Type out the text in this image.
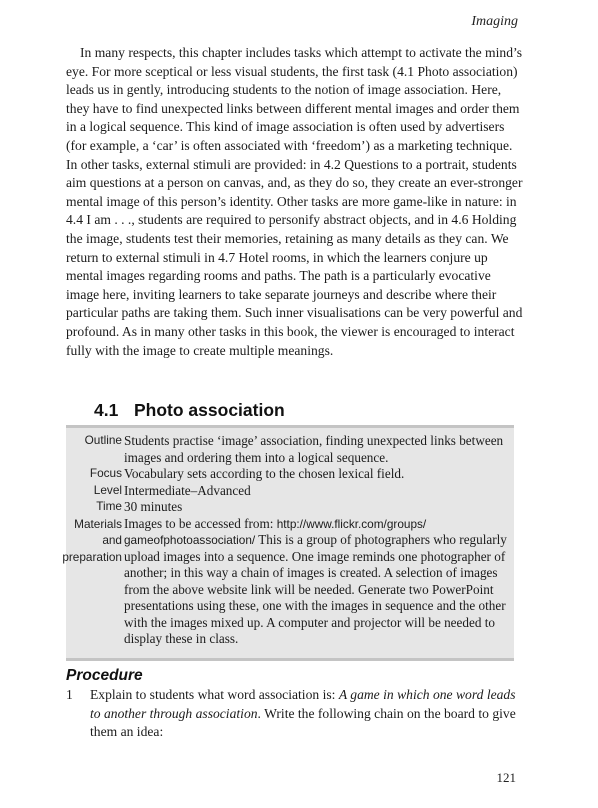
Imaging

In many respects, this chapter includes tasks which attempt to activate the mind’s eye. For more sceptical or less visual students, the first task (4.1 Photo association) leads us in gently, introducing students to the notion of image association. Here, they have to find unexpected links between different mental images and order them in a logical sequence. This kind of image association is often used by advertisers (for example, a ‘car’ is often associated with ‘freedom’) as a marketing technique. In other tasks, external stimuli are provided: in 4.2 Questions to a portrait, students aim questions at a person on canvas, and, as they do so, they create an ever-stronger mental image of this person’s identity. Other tasks are more game-like in nature: in 4.4 I am . . ., students are required to personify abstract objects, and in 4.6 Holding the image, students test their memories, retaining as many details as they can. We return to external stimuli in 4.7 Hotel rooms, in which the learners conjure up mental images regarding rooms and paths. The path is a particularly evocative image here, inviting learners to take separate journeys and describe where their particular paths are taking them. Such inner visualisations can be very powerful and profound. As in many other tasks in this book, the viewer is encouraged to interact fully with the image to create multiple meanings.

4.1 Photo association
Outline Students practise ‘image’ association, finding unexpected links between images and ordering them into a logical sequence.
Focus Vocabulary sets according to the chosen lexical field.
Level Intermediate–Advanced
Time 30 minutes
Materials
and
preparation
Images to be accessed from: http://www.flickr.com/groups/
gameofphotoassociation/ This is a group of photographers who regularly upload images into a sequence. One image reminds one photographer of another; in this way a chain of images is created. A selection of images from the above website link will be needed. Generate two PowerPoint presentations using these, one with the images in sequence and the other with the images mixed up. A computer and projector will be needed to display these in class.
Procedure
1 Explain to students what word association is: A game in which one word leads to another through association. Write the following chain on the board to give them an idea:
121
